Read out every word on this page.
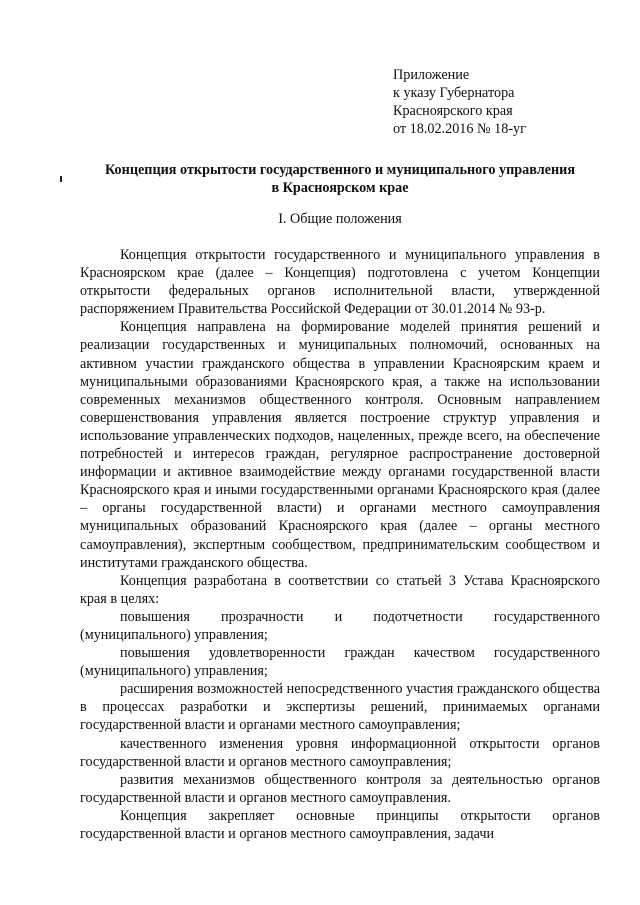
Приложение
к указу Губернатора
Красноярского края
от 18.02.2016 № 18-уг
Концепция открытости государственного и муниципального управления
в Красноярском крае
I. Общие положения

Концепция открытости государственного и муниципального управления в Красноярском крае (далее – Концепция) подготовлена с учетом Концепции открытости федеральных органов исполнительной власти, утвержденной распоряжением Правительства Российской Федерации от 30.01.2014 № 93-р.

Концепция направлена на формирование моделей принятия решений и реализации государственных и муниципальных полномочий, основанных на активном участии гражданского общества в управлении Красноярским краем и муниципальными образованиями Красноярского края, а также на использовании современных механизмов общественного контроля. Основным направлением совершенствования управления является построение структур управления и использование управленческих подходов, нацеленных, прежде всего, на обеспечение потребностей и интересов граждан, регулярное распространение достоверной информации и активное взаимодействие между органами государственной власти Красноярского края и иными государственными органами Красноярского края (далее – органы государственной власти) и органами местного самоуправления муниципальных образований Красноярского края (далее – органы местного самоуправления), экспертным сообществом, предпринимательским сообществом и институтами гражданского общества.

Концепция разработана в соответствии со статьей 3 Устава Красноярского края в целях:

повышения прозрачности и подотчетности государственного (муниципального) управления;

повышения удовлетворенности граждан качеством государственного (муниципального) управления;

расширения возможностей непосредственного участия гражданского общества в процессах разработки и экспертизы решений, принимаемых органами государственной власти и органами местного самоуправления;

качественного изменения уровня информационной открытости органов государственной власти и органов местного самоуправления;

развития механизмов общественного контроля за деятельностью органов государственной власти и органов местного самоуправления.

Концепция закрепляет основные принципы открытости органов государственной власти и органов местного самоуправления, задачи
